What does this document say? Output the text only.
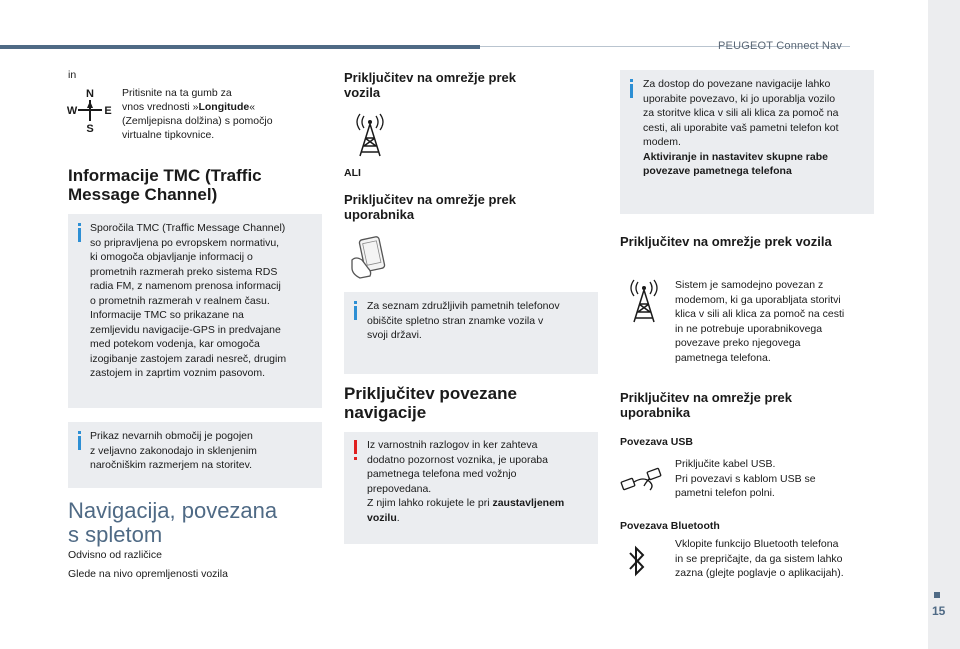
PEUGEOT Connect Nav
15
in
N
W E
S
Pritisnite na ta gumb za
vnos vrednosti »Longitude«
(Zemljepisna dolžina) s pomočjo
virtualne tipkovnice.
Informacije TMC (Traffic
Message Channel)
Sporočila TMC (Traffic Message Channel)
so pripravljena po evropskem normativu,
ki omogoča objavljanje informacij o
prometnih razmerah preko sistema RDS
radia FM, z namenom prenosa informacij
o prometnih razmerah v realnem času.
Informacije TMC so prikazane na
zemljevidu navigacije-GPS in predvajane
med potekom vodenja, kar omogoča
izogibanje zastojem zaradi nesreč, drugim
zastojem in zaprtim voznim pasovom.
Prikaz nevarnih območij je pogojen
z veljavno zakonodajo in sklenjenim
naročniškim razmerjem na storitev.
Navigacija, povezana
s spletom
Odvisno od različice
Glede na nivo opremljenosti vozila
Priključitev na omrežje prek
vozila
ALI
Priključitev na omrežje prek
uporabnika
Za seznam združljivih pametnih telefonov
obiščite spletno stran znamke vozila v
svoji državi.
Priključitev povezane
navigacije
Iz varnostnih razlogov in ker zahteva
dodatno pozornost voznika, je uporaba
pametnega telefona med vožnjo
prepovedana.
Z njim lahko rokujete le pri zaustavljenem
vozilu.
Za dostop do povezane navigacije lahko
uporabite povezavo, ki jo uporablja vozilo
za storitve klica v sili ali klica za pomoč na
cesti, ali uporabite vaš pametni telefon kot
modem.
Aktiviranje in nastavitev skupne rabe
povezave pametnega telefona
Priključitev na omrežje prek vozila
Sistem je samodejno povezan z
modemom, ki ga uporabljata storitvi
klica v sili ali klica za pomoč na cesti
in ne potrebuje uporabnikovega
povezave preko njegovega
pametnega telefona.
Priključitev na omrežje prek
uporabnika
Povezava USB
Priključite kabel USB.
Pri povezavi s kablom USB se
pametni telefon polni.
Povezava Bluetooth
Vklopite funkcijo Bluetooth telefona
in se prepričajte, da ga sistem lahko
zazna (glejte poglavje o aplikacijah).
